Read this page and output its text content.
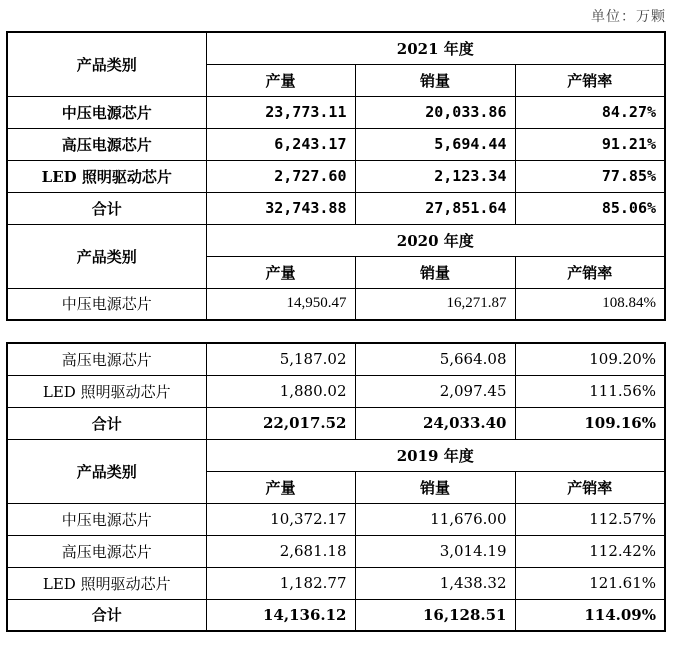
单位：万颗
产品类别	2021 年度		
	产量	销量	产销率
中压电源芯片	23,773.11	20,033.86	84.27%
高压电源芯片	6,243.17	5,694.44	91.21%
LED 照明驱动芯片	2,727.60	2,123.34	77.85%
合计	32,743.88	27,851.64	85.06%
产品类别	2020 年度		
	产量	销量	产销率
中压电源芯片	14,950.47	16,271.87	108.84%
高压电源芯片	5,187.02	5,664.08	109.20%
LED 照明驱动芯片	1,880.02	2,097.45	111.56%
合计	22,017.52	24,033.40	109.16%
产品类别	2019 年度		
	产量	销量	产销率
中压电源芯片	10,372.17	11,676.00	112.57%
高压电源芯片	2,681.18	3,014.19	112.42%
LED 照明驱动芯片	1,182.77	1,438.32	121.61%
合计	14,136.12	16,128.51	114.09%
